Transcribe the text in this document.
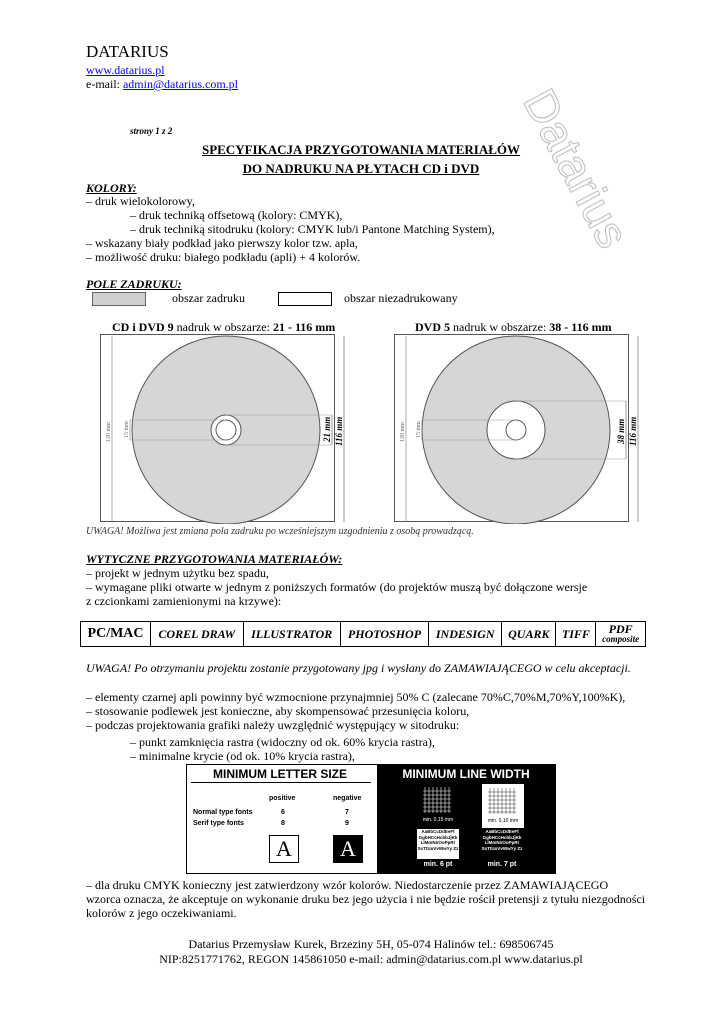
Datarius
DATARIUS
www.datarius.pl
e-mail: admin@datarius.com.pl
strony 1 z 2
SPECYFIKACJA PRZYGOTOWANIA MATERIAŁÓW
DO NADRUKU NA PŁYTACH CD i DVD
KOLORY:
– druk wielokolorowy,
– druk techniką offsetową (kolory: CMYK),
– druk techniką sitodruku (kolory: CMYK lub/i Pantone Matching System),
– wskazany biały podkład jako pierwszy kolor tzw. apla,
– możliwość druku: białego podkładu (apli) + 4 kolorów.
POLE ZADRUKU:
obszar zadruku	obszar niezadrukowany
CD i DVD 9 nadruk w obszarze: 21 - 116 mm	DVD 5 nadruk w obszarze: 38 - 116 mm
120 mm 15 mm	21 mm 116 mm	120 mm 15 mm	38 mm 116 mm
UWAGA! Możliwa jest zmiana pola zadruku po wcześniejszym uzgodnieniu z osobą prowadzącą.
WYTYCZNE PRZYGOTOWANIA MATERIAŁÓW:
– projekt w jednym użytku bez spadu,
– wymagane pliki otwarte w jednym z poniższych formatów (do projektów muszą być dołączone wersje
z czcionkami zamienionymi na krzywe):
PC/MAC	COREL DRAW	ILLUSTRATOR	PHOTOSHOP	INDESIGN	QUARK	TIFF	PDF
composite
UWAGA! Po otrzymaniu projektu zostanie przygotowany jpg i wysłany do ZAMAWIAJĄCEGO w celu akceptacji.
– elementy czarnej apli powinny być wzmocnione przynajmniej 50% C (zalecane 70%C,70%M,70%Y,100%K),
– stosowanie podlewek jest konieczne, aby skompensować przesunięcia koloru,
– podczas projektowania grafiki należy uwzględnić występujący w sitodruku:
– punkt zamknięcia rastra (widoczny od ok. 60% krycia rastra),
– minimalne krycie (od ok. 10% krycia rastra),
MINIMUM LETTER SIZE
positive	negative
Normal type fonts	6	7
Serif type fonts	8	9
A	A
MINIMUM LINE WIDTH
min. 0,15 mm	min. 0,10 mm
AaBbCcDdEeFf GgbHCcHcbbJjKk LlMmNnOoPpRr SsTtUuVvWwYy Zz
AaBbCcDdEeFf GgbHCcHcbbJjKk LlMmNnOoPpRr SsTtUuVvWwYy Zz
min. 6 pt	min. 7 pt
– dla druku CMYK konieczny jest zatwierdzony wzór kolorów. Niedostarczenie przez ZAMAWIAJĄCEGO
wzorca oznacza, że akceptuje on wykonanie druku bez jego użycia i nie będzie rościł pretensji z tytułu niezgodności
kolorów z jego oczekiwaniami.
Datarius Przemysław Kurek, Brzeziny 5H, 05-074 Halinów tel.: 698506745
NIP:8251771762, REGON 145861050 e-mail: admin@datarius.com.pl www.datarius.pl
